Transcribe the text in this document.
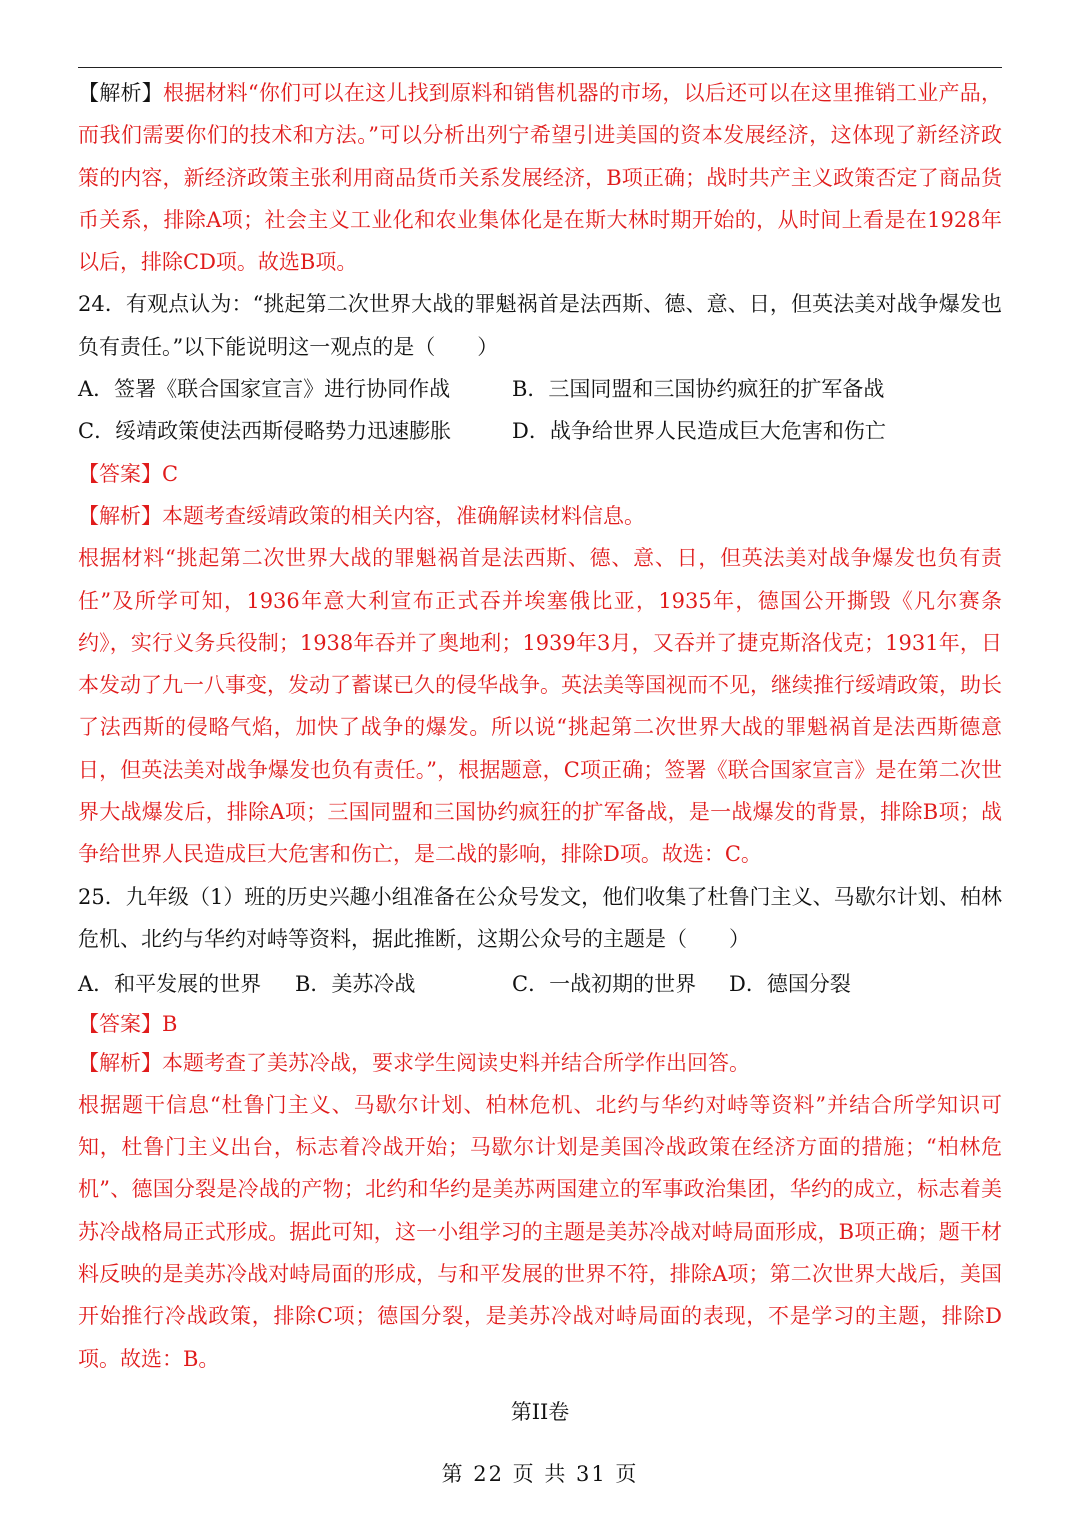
【解析】根据材料“你们可以在这儿找到原料和销售机器的市场，以后还可以在这里推销工业产品，而我们需要你们的技术和方法。”可以分析出列宁希望引进美国的资本发展经济，这体现了新经济政策的内容，新经济政策主张利用商品货币关系发展经济，B项正确；战时共产主义政策否定了商品货币关系，排除A项；社会主义工业化和农业集体化是在斯大林时期开始的，从时间上看是在1928年以后，排除CD项。故选B项。

24．有观点认为：“挑起第二次世界大战的罪魁祸首是法西斯、德、意、日，但英法美对战争爆发也负有责任。”以下能说明这一观点的是（　　）

A．签署《联合国家宣言》进行协同作战	B．三国同盟和三国协约疯狂的扩军备战
C．绥靖政策使法西斯侵略势力迅速膨胀	D．战争给世界人民造成巨大危害和伤亡

【答案】C

【解析】本题考查绥靖政策的相关内容，准确解读材料信息。

根据材料“挑起第二次世界大战的罪魁祸首是法西斯、德、意、日，但英法美对战争爆发也负有责任”及所学可知，1936年意大利宣布正式吞并埃塞俄比亚，1935年，德国公开撕毁《凡尔赛条约》，实行义务兵役制；1938年吞并了奥地利；1939年3月，又吞并了捷克斯洛伐克；1931年，日本发动了九一八事变，发动了蓄谋已久的侵华战争。英法美等国视而不见，继续推行绥靖政策，助长了法西斯的侵略气焰，加快了战争的爆发。所以说“挑起第二次世界大战的罪魁祸首是法西斯德意日，但英法美对战争爆发也负有责任。”，根据题意，C项正确；签署《联合国家宣言》是在第二次世界大战爆发后，排除A项；三国同盟和三国协约疯狂的扩军备战，是一战爆发的背景，排除B项；战争给世界人民造成巨大危害和伤亡，是二战的影响，排除D项。故选：C。

25．九年级（1）班的历史兴趣小组准备在公众号发文，他们收集了杜鲁门主义、马歇尔计划、柏林危机、北约与华约对峙等资料，据此推断，这期公众号的主题是（　　）

A．和平发展的世界	B．美苏冷战	C．一战初期的世界	D．德国分裂

【答案】B

【解析】本题考查了美苏冷战，要求学生阅读史料并结合所学作出回答。

根据题干信息“杜鲁门主义、马歇尔计划、柏林危机、北约与华约对峙等资料”并结合所学知识可知，杜鲁门主义出台，标志着冷战开始；马歇尔计划是美国冷战政策在经济方面的措施；“柏林危机”、德国分裂是冷战的产物；北约和华约是美苏两国建立的军事政治集团，华约的成立，标志着美苏冷战格局正式形成。据此可知，这一小组学习的主题是美苏冷战对峙局面形成，B项正确；题干材料反映的是美苏冷战对峙局面的形成，与和平发展的世界不符，排除A项；第二次世界大战后，美国开始推行冷战政策，排除C项；德国分裂，是美苏冷战对峙局面的表现，不是学习的主题，排除D项。故选：B。

第II卷
第 22 页 共 31 页
